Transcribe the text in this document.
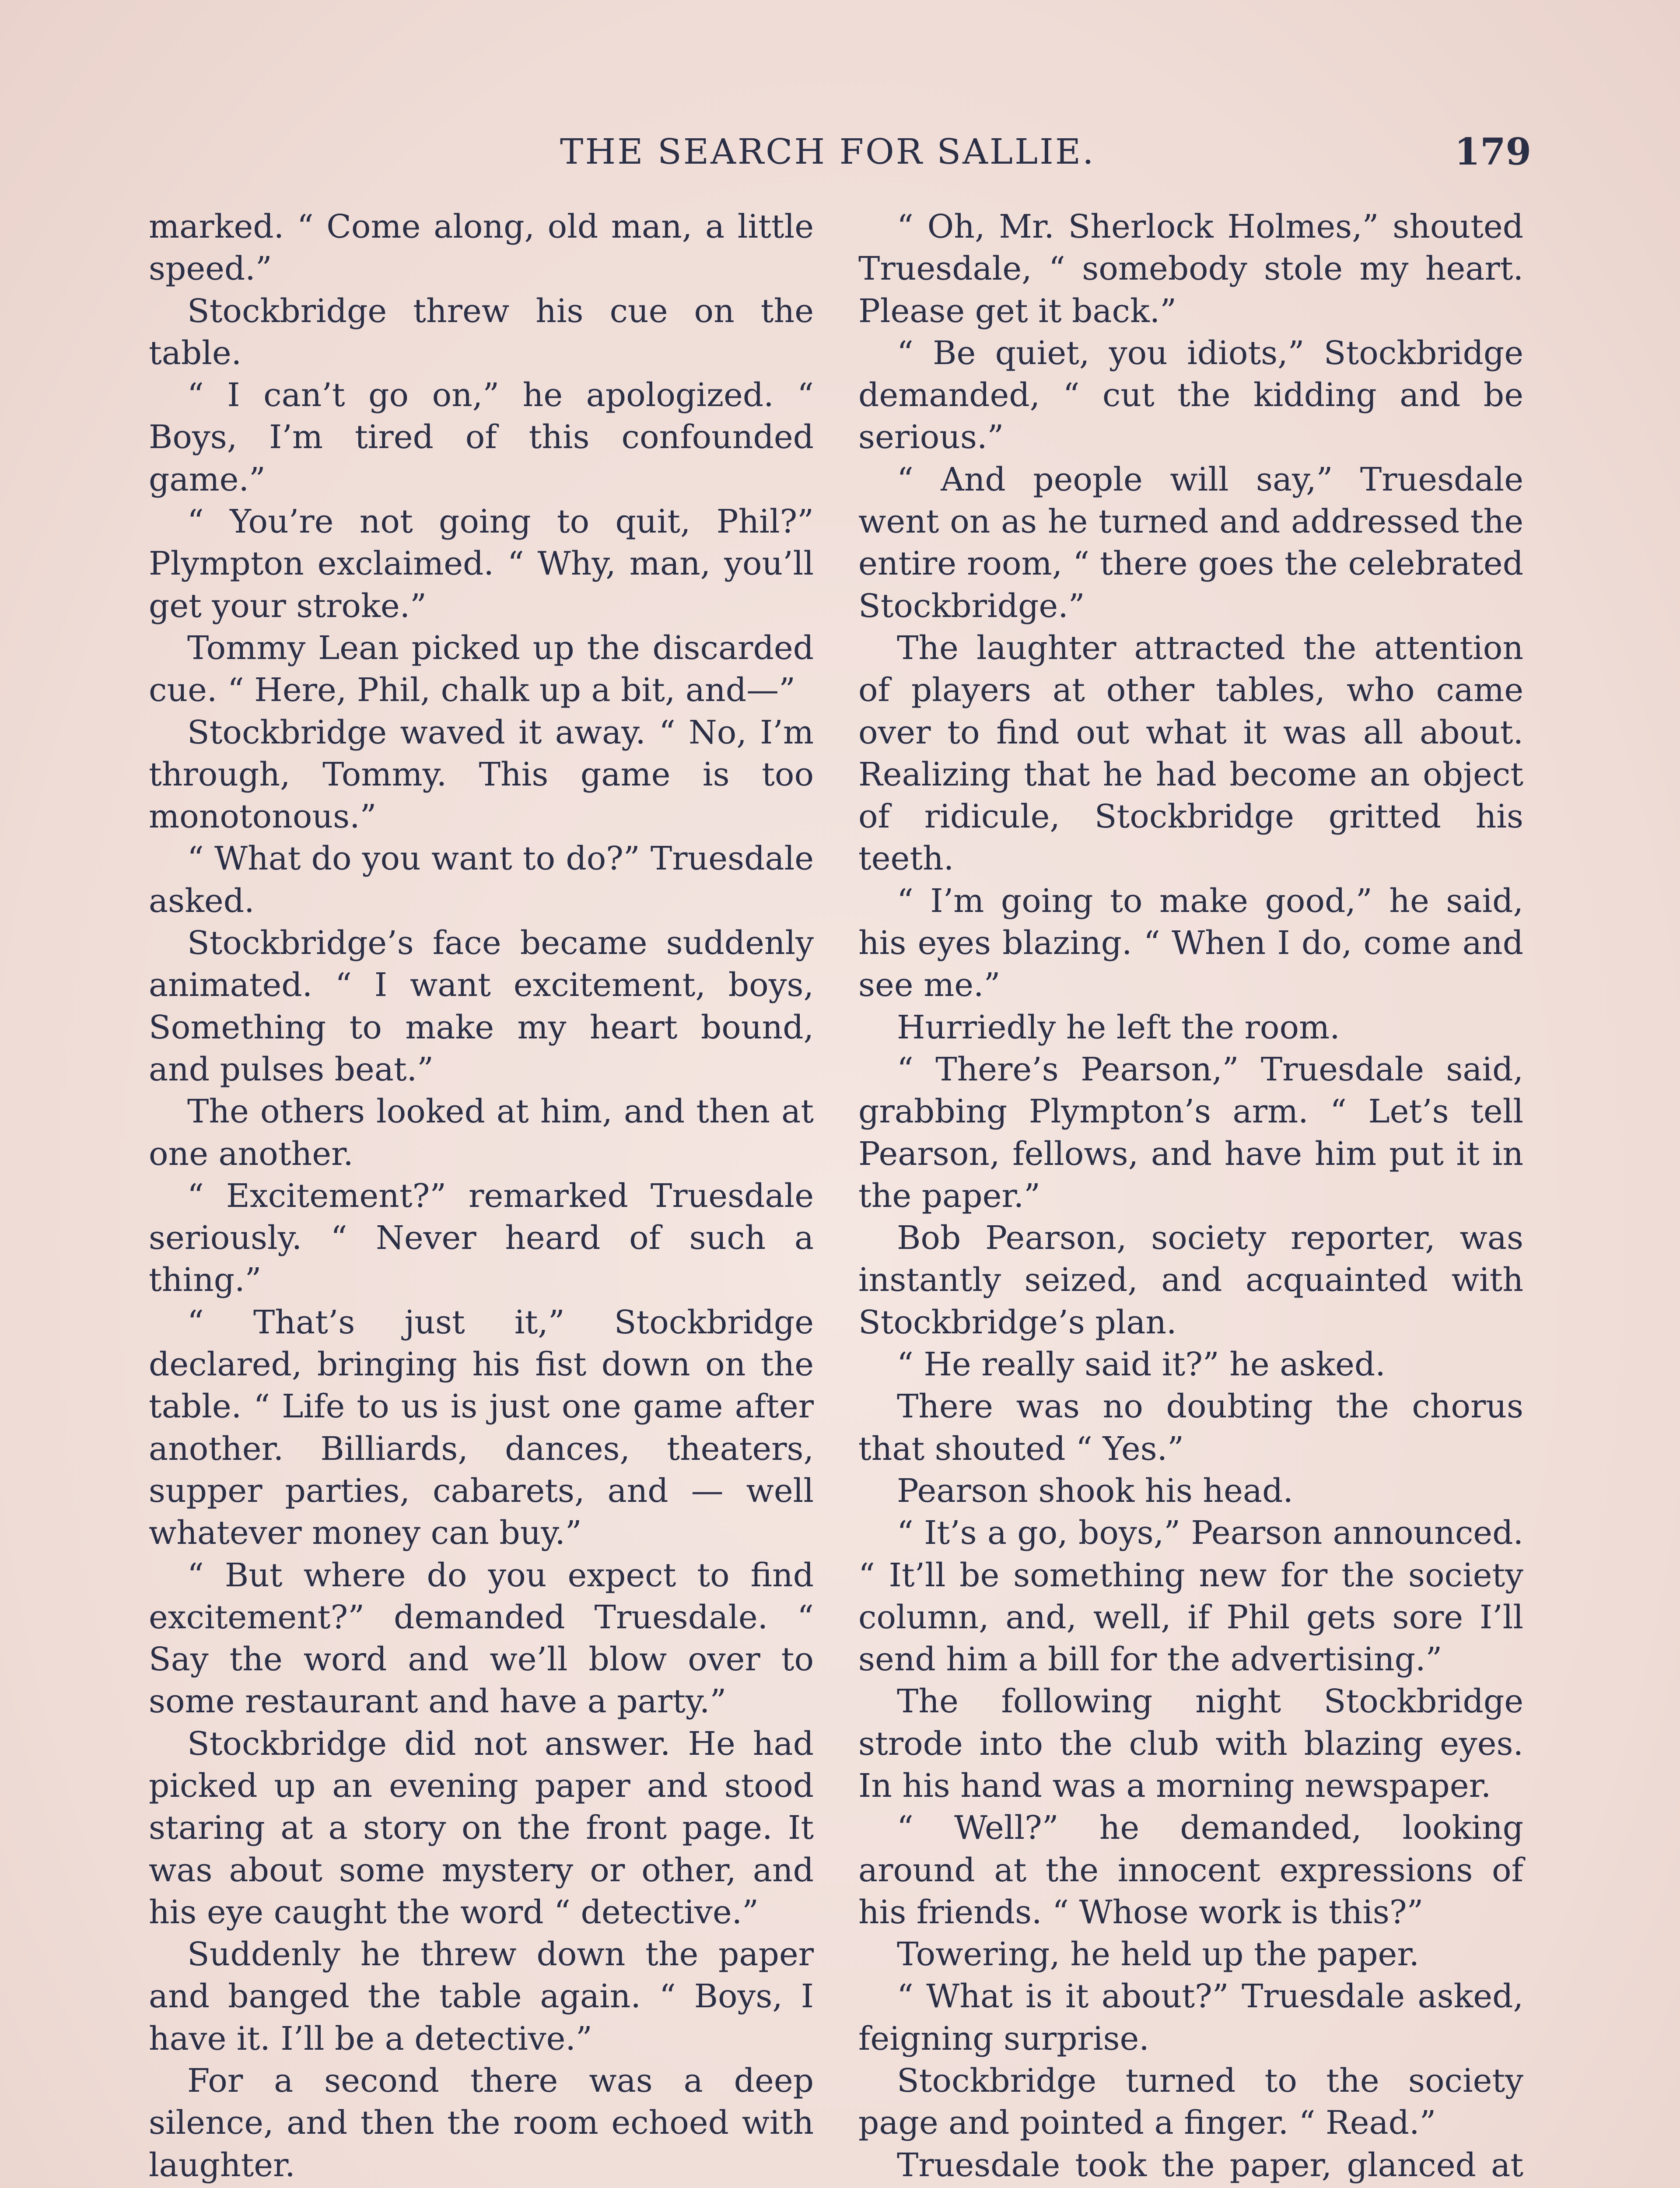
THE SEARCH FOR SALLIE.	179

marked. “ Come along, old man, a little speed.”

Stockbridge threw his cue on the table.

“ I can’t go on,” he apologized. “ Boys, I’m tired of this confounded game.”

“ You’re not going to quit, Phil?” Plympton exclaimed. “ Why, man, you’ll get your stroke.”

Tommy Lean picked up the discarded cue. “ Here, Phil, chalk up a bit, and—”

Stockbridge waved it away. “ No, I’m through, Tommy. This game is too monotonous.”

“ What do you want to do?” Truesdale asked.

Stockbridge’s face became suddenly animated. “ I want excitement, boys, Something to make my heart bound, and pulses beat.”

The others looked at him, and then at one another.

“ Excitement?” remarked Truesdale seriously. “ Never heard of such a thing.”

“ That’s just it,” Stockbridge declared, bringing his fist down on the table. “ Life to us is just one game after another. Billiards, dances, theaters, supper parties, cabarets, and — well whatever money can buy.”

“ But where do you expect to find excitement?” demanded Truesdale. “ Say the word and we’ll blow over to some restaurant and have a party.”

Stockbridge did not answer. He had picked up an evening paper and stood staring at a story on the front page. It was about some mystery or other, and his eye caught the word “ detective.”

Suddenly he threw down the paper and banged the table again. “ Boys, I have it. I’ll be a detective.”

For a second there was a deep silence, and then the room echoed with laughter.

“ Oh, Mr. Sherlock Holmes,” shouted Truesdale, “ somebody stole my heart. Please get it back.”

“ Be quiet, you idiots,” Stockbridge demanded, “ cut the kidding and be serious.”

“ And people will say,” Truesdale went on as he turned and addressed the entire room, “ there goes the celebrated Stockbridge.”

The laughter attracted the attention of players at other tables, who came over to find out what it was all about. Realizing that he had become an object of ridicule, Stockbridge gritted his teeth.

“ I’m going to make good,” he said, his eyes blazing. “ When I do, come and see me.”

Hurriedly he left the room.

“ There’s Pearson,” Truesdale said, grabbing Plympton’s arm. “ Let’s tell Pearson, fellows, and have him put it in the paper.”

Bob Pearson, society reporter, was instantly seized, and acquainted with Stockbridge’s plan.

“ He really said it?” he asked.

There was no doubting the chorus that shouted “ Yes.”

Pearson shook his head.

“ It’s a go, boys,” Pearson announced. “ It’ll be something new for the society column, and, well, if Phil gets sore I’ll send him a bill for the advertising.”

The following night Stockbridge strode into the club with blazing eyes. In his hand was a morning newspaper.

“ Well?” he demanded, looking around at the innocent expressions of his friends. “ Whose work is this?”

Towering, he held up the paper.

“ What is it about?” Truesdale asked, feigning surprise.

Stockbridge turned to the society page and pointed a finger. “ Read.”

Truesdale took the paper, glanced at
